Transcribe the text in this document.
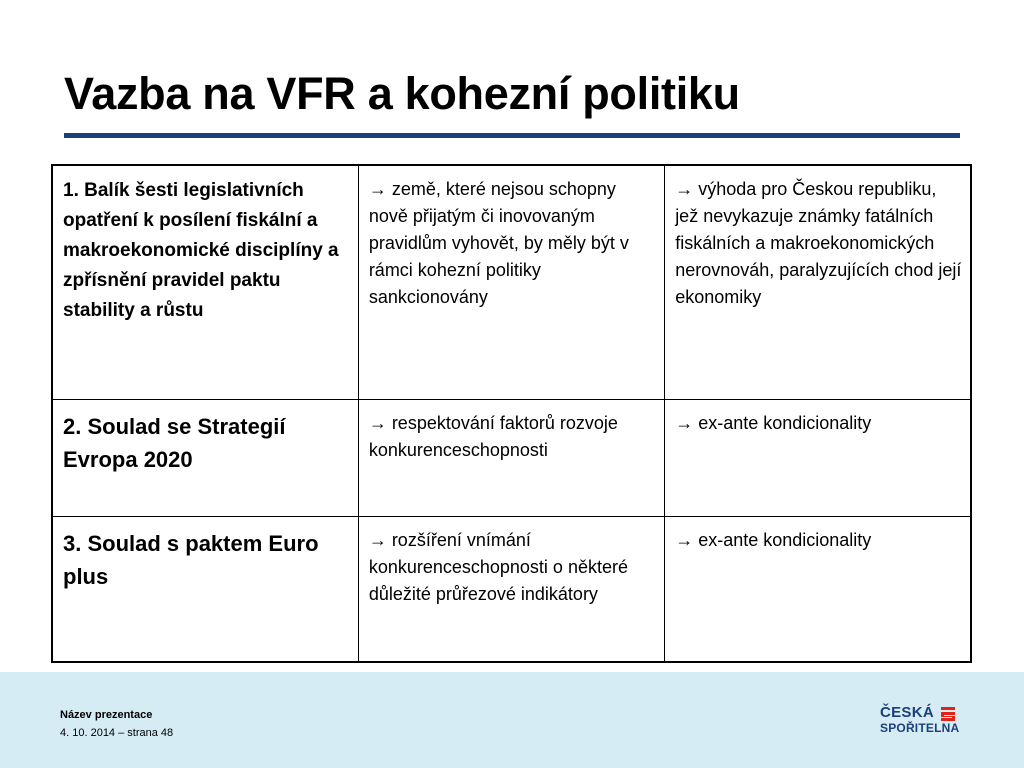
Vazba na VFR a kohezní politiku
1. Balík šesti legislativních opatření k posílení fiskální a makroekonomické disciplíny a zpřísnění pravidel paktu stability a růstu	→ země, které nejsou schopny nově přijatým či inovovaným pravidlům vyhovět, by měly být v rámci kohezní politiky sankcionovány	→ výhoda pro Českou republiku, jež nevykazuje známky fatálních fiskálních a makroekonomických nerovnováh, paralyzujících chod její ekonomiky
2. Soulad se Strategií Evropa 2020	→ respektování faktorů rozvoje konkurenceschopnosti	→ ex-ante kondicionality
3. Soulad s paktem Euro plus	→ rozšíření vnímání konkurenceschopnosti o některé důležité průřezové indikátory	→ ex-ante kondicionality
Název prezentace
4. 10. 2014 – strana 48
ČESKÁ
SPOŘITELNA
